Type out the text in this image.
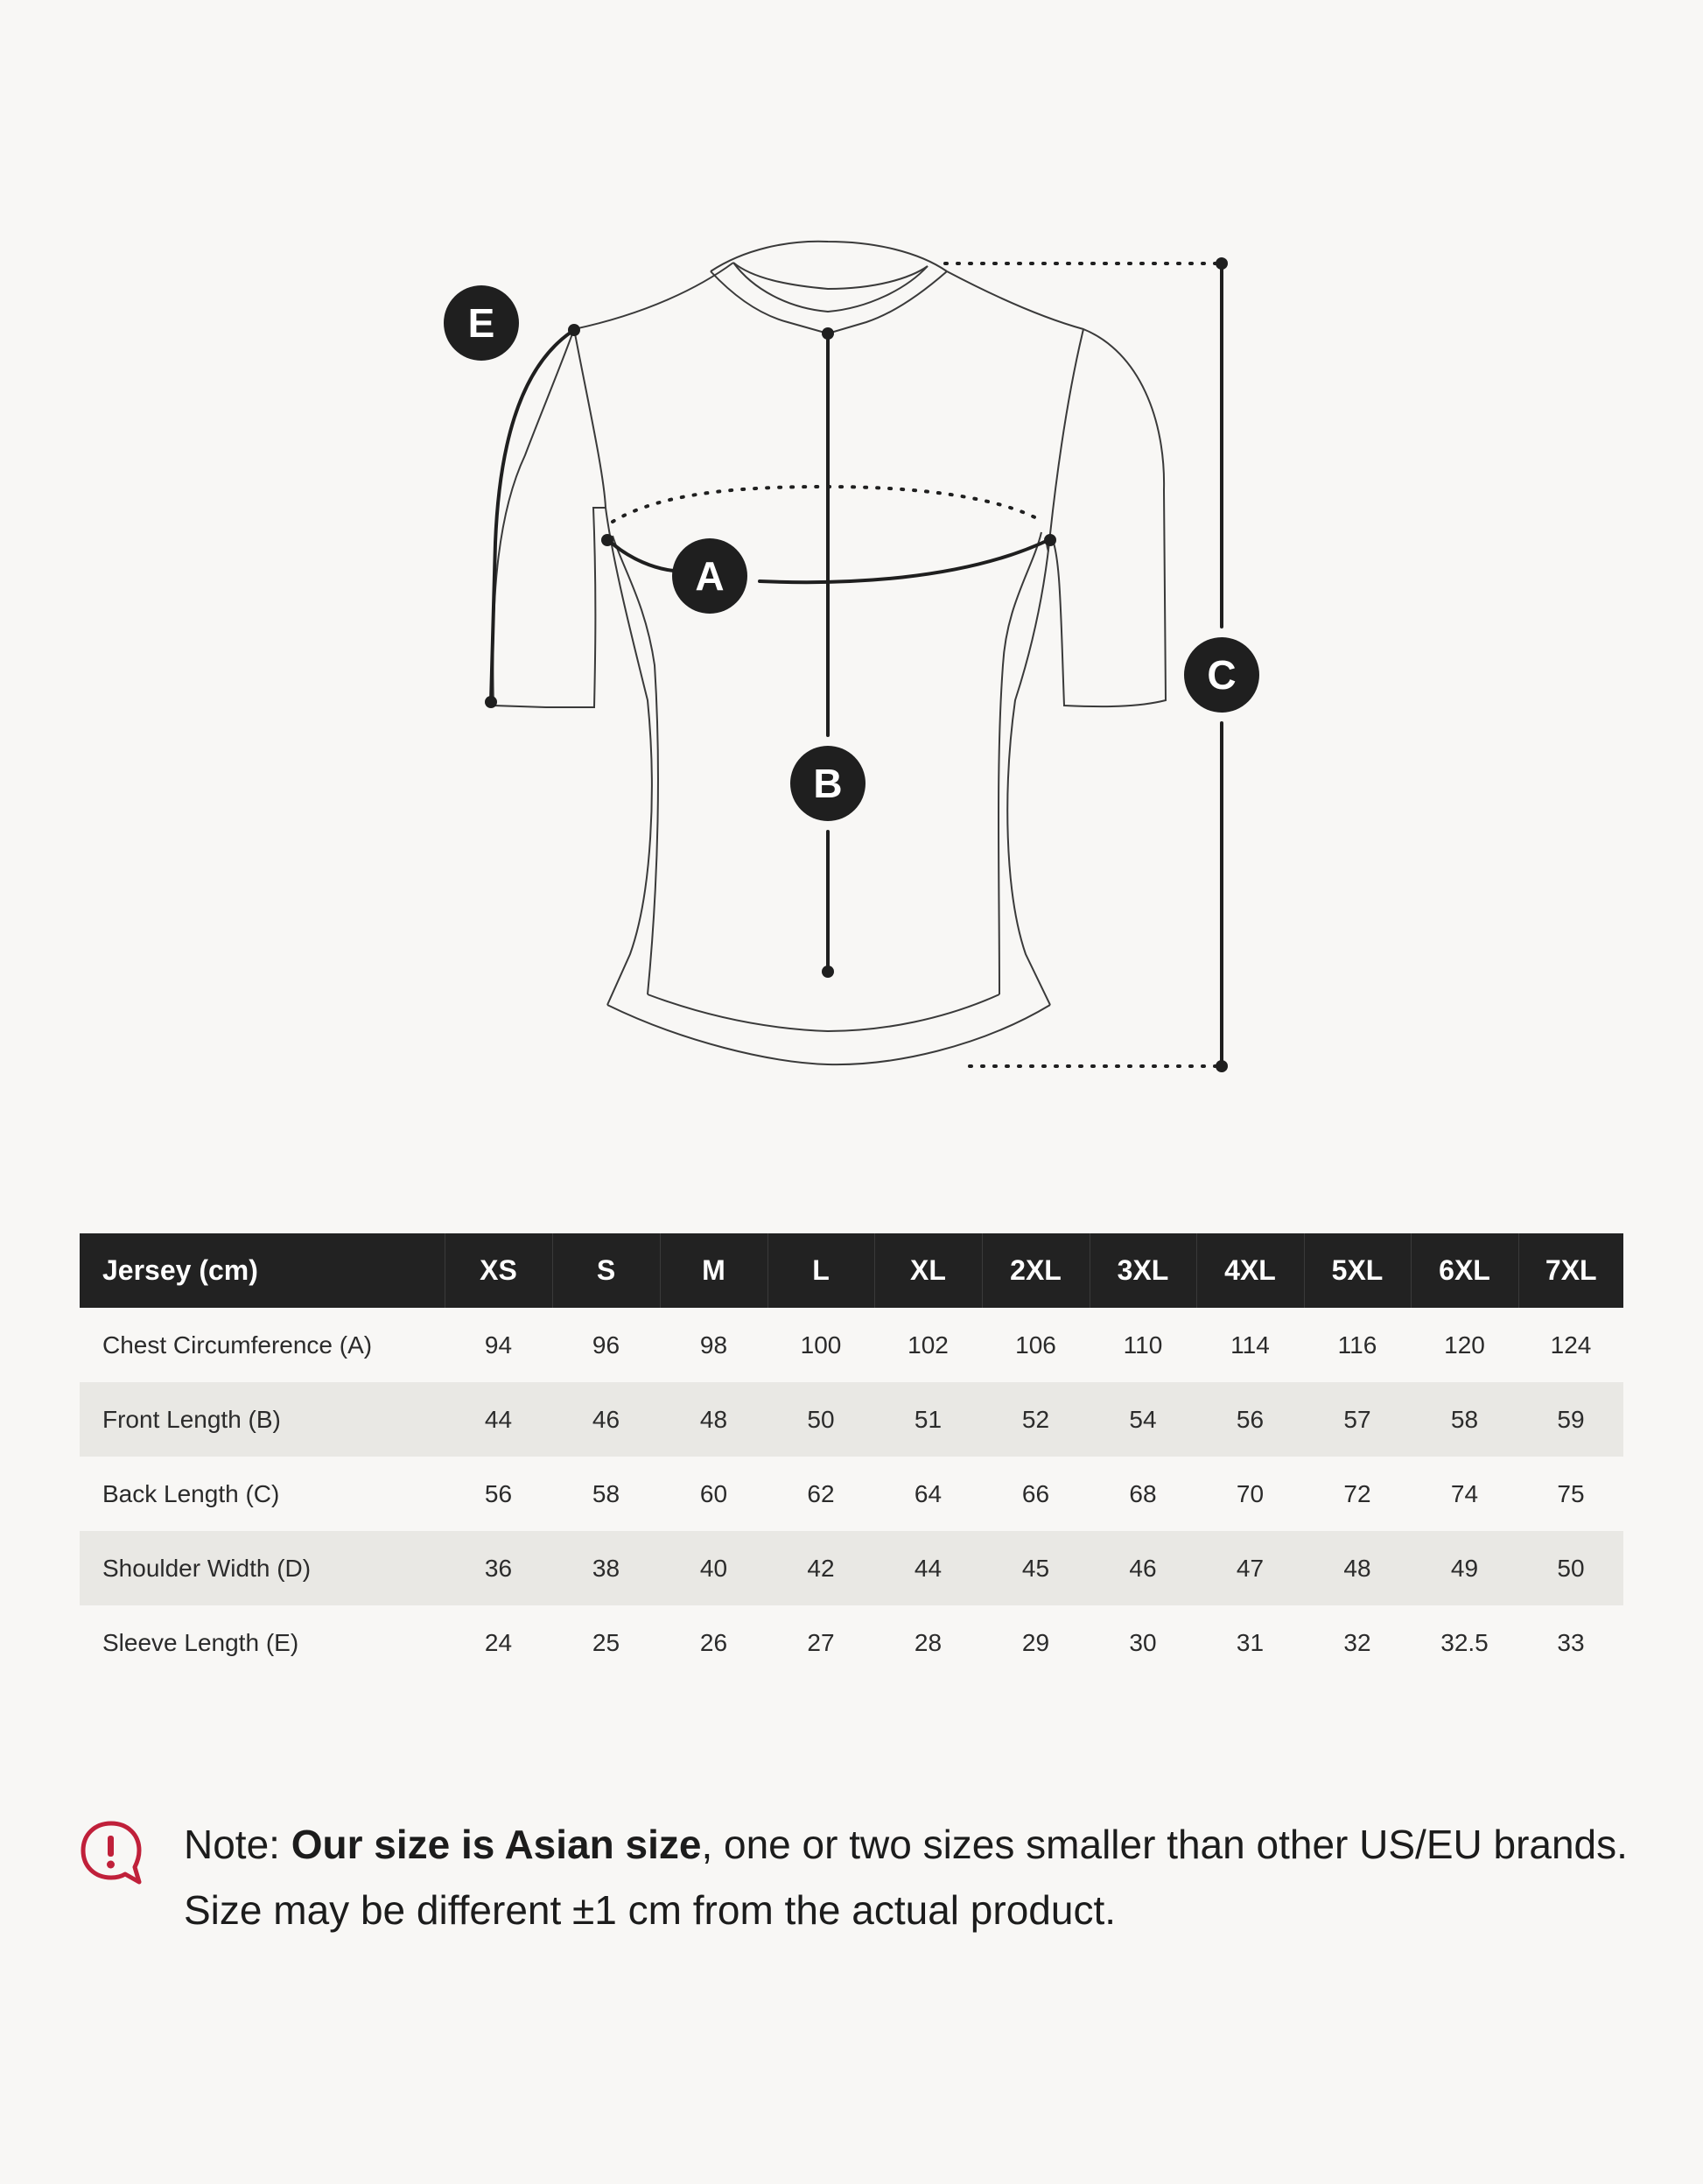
E
A
B
C
Jersey (cm)	XS	S	M	L	XL	2XL	3XL	4XL	5XL	6XL	7XL
Chest Circumference (A)	94	96	98	100	102	106	110	114	116	120	124
Front Length (B)	44	46	48	50	51	52	54	56	57	58	59
Back Length (C)	56	58	60	62	64	66	68	70	72	74	75
Shoulder Width (D)	36	38	40	42	44	45	46	47	48	49	50
Sleeve Length (E)	24	25	26	27	28	29	30	31	32	32.5	33
Note: Our size is Asian size, one or two sizes smaller than other US/EU brands.
Size may be different ±1 cm from the actual product.
